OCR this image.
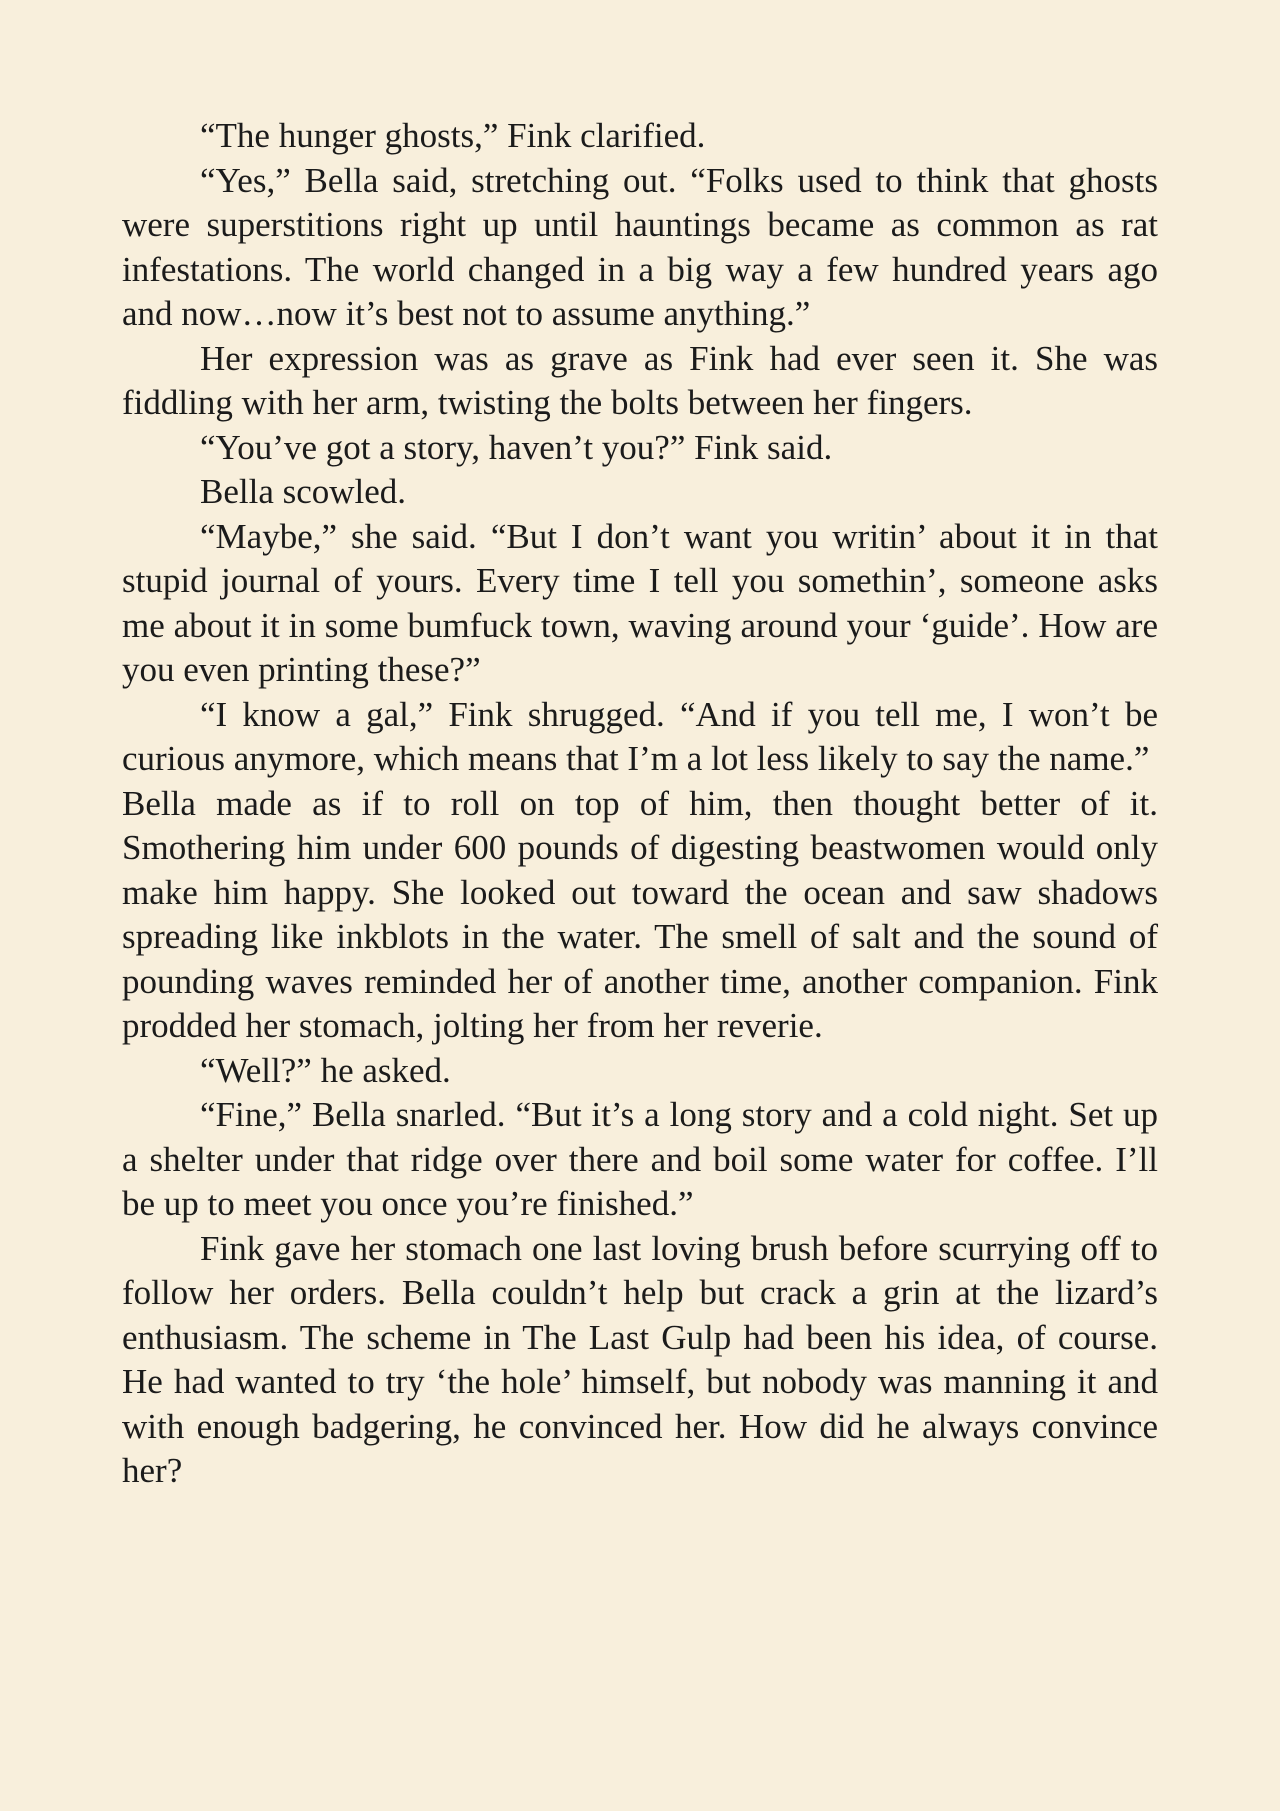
“The hunger ghosts,” Fink clarified.

“Yes,” Bella said, stretching out. “Folks used to think that ghosts were superstitions right up until hauntings became as common as rat infestations. The world changed in a big way a few hundred years ago and now…now it’s best not to assume anything.”

Her expression was as grave as Fink had ever seen it. She was fiddling with her arm, twisting the bolts between her fingers.

“You’ve got a story, haven’t you?” Fink said.

Bella scowled.

“Maybe,” she said. “But I don’t want you writin’ about it in that stupid journal of yours. Every time I tell you somethin’, someone asks me about it in some bumfuck town, waving around your ‘guide’. How are you even printing these?”

“I know a gal,” Fink shrugged. “And if you tell me, I won’t be curious anymore, which means that I’m a lot less likely to say the name.”

Bella made as if to roll on top of him, then thought better of it. Smothering him under 600 pounds of digesting beastwomen would only make him happy. She looked out toward the ocean and saw shadows spreading like inkblots in the water. The smell of salt and the sound of pounding waves reminded her of another time, another companion. Fink prodded her stomach, jolting her from her reverie.

“Well?” he asked.

“Fine,” Bella snarled. “But it’s a long story and a cold night. Set up a shelter under that ridge over there and boil some water for coffee. I’ll be up to meet you once you’re finished.”

Fink gave her stomach one last loving brush before scurrying off to follow her orders. Bella couldn’t help but crack a grin at the lizard’s enthusiasm. The scheme in The Last Gulp had been his idea, of course. He had wanted to try ‘the hole’ himself, but nobody was manning it and with enough badgering, he convinced her. How did he always convince her?
